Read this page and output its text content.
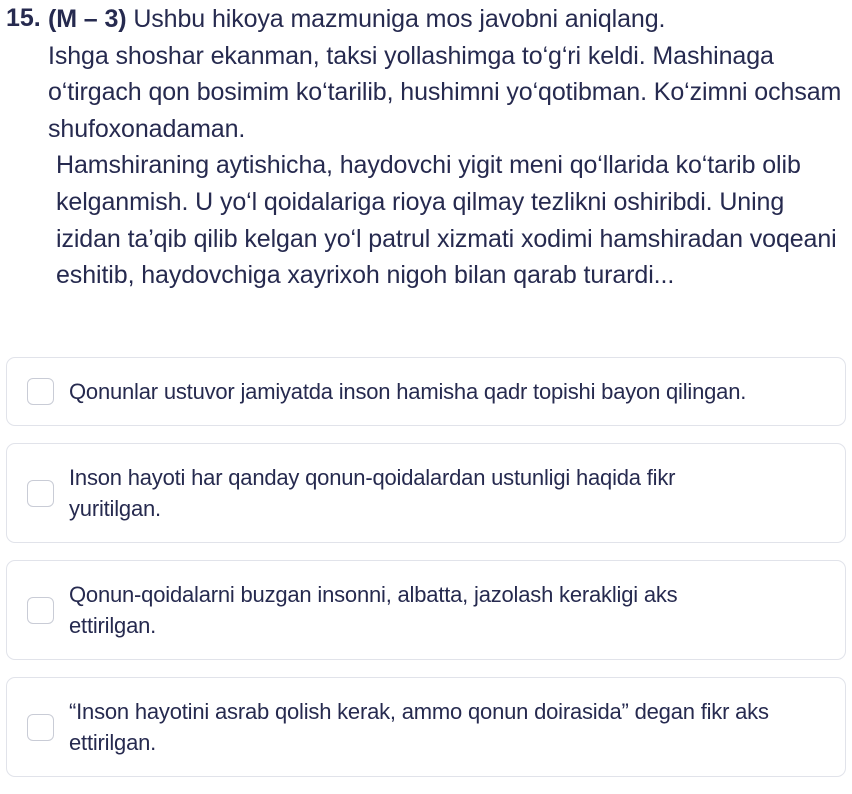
15. (M – 3) Ushbu hikoya mazmuniga mos javobni aniqlang.
Ishga shoshar ekanman, taksi yollashimga to‘g‘ri keldi. Mashinaga o‘tirgach qon bosimim ko‘tarilib, hushimni yo‘qotibman. Ko‘zimni ochsam shufoxonadaman.
Hamshiraning aytishicha, haydovchi yigit meni qo‘llarida ko‘tarib olib kelganmish. U yo‘l qoidalariga rioya qilmay tezlikni oshiribdi. Uning izidan ta’qib qilib kelgan yo‘l patrul xizmati xodimi hamshiradan voqeani eshitib, haydovchiga xayrixoh nigoh bilan qarab turardi...
Qonunlar ustuvor jamiyatda inson hamisha qadr topishi bayon qilingan.
Inson hayoti har qanday qonun-qoidalardan ustunligi haqida fikr yuritilgan.
Qonun-qoidalarni buzgan insonni, albatta, jazolash kerakligi aks ettirilgan.
“Inson hayotini asrab qolish kerak, ammo qonun doirasida” degan fikr aks ettirilgan.
